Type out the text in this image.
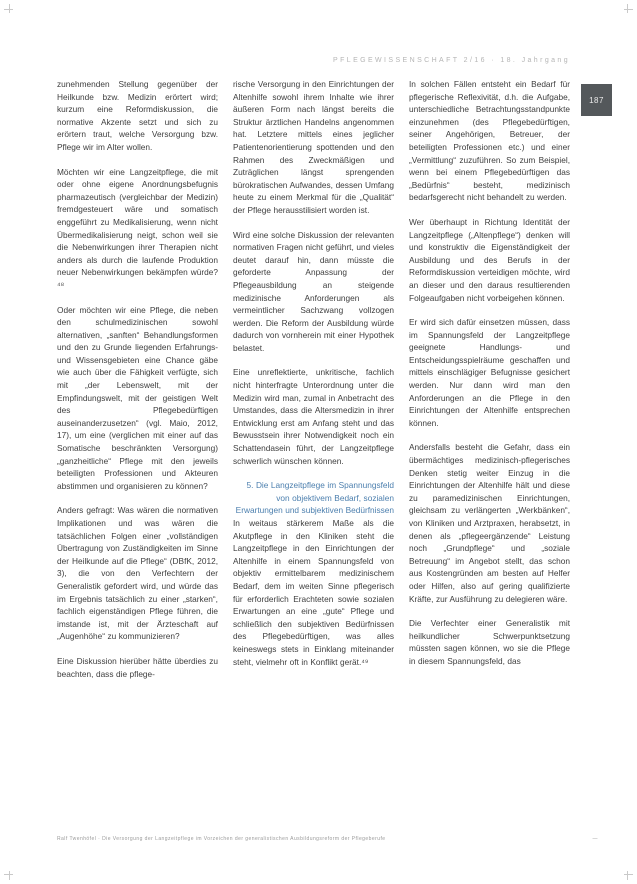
PFLEGEWISSENSCHAFT 2/16 · 18. Jahrgang
187

zunehmenden Stellung gegenüber der Heilkunde bzw. Medizin erörtert wird; kurzum eine Reformdiskussion, die normative Akzente setzt und sich zu erörtern traut, welche Versorgung bzw. Pflege wir im Alter wollen.

Möchten wir eine Langzeitpflege, die mit oder ohne eigene Anordnungsbefugnis pharmazeutisch (vergleichbar der Medizin) fremdgesteuert wäre und somatisch enggeführt zu Medikalisierung, wenn nicht Übermedikalisierung neigt, schon weil sie die Nebenwirkungen ihrer Therapien nicht anders als durch die laufende Produktion neuer Nebenwirkungen bekämpfen würde?⁴⁸

Oder möchten wir eine Pflege, die neben den schulmedizinischen sowohl alternativen, „sanften“ Behandlungsformen und den zu Grunde liegenden Erfahrungs- und Wissensgebieten eine Chance gäbe wie auch über die Fähigkeit verfügte, sich mit „der Lebenswelt, mit der Empfindungswelt, mit der geistigen Welt des Pflegebedürftigen auseinanderzusetzen“ (vgl. Maio, 2012, 17), um eine (verglichen mit einer auf das Somatische beschränkten Versorgung) „ganzheitliche“ Pflege mit den jeweils beteiligten Professionen und Akteuren abstimmen und organisieren zu können?

Anders gefragt: Was wären die normativen Implikationen und was wären die tatsächlichen Folgen einer „vollständigen Übertragung von Zuständigkeiten im Sinne der Heilkunde auf die Pflege“ (DBfK, 2012, 3), die von den Verfechtern der Generalistik gefordert wird, und würde das im Ergebnis tatsächlich zu einer „starken“, fachlich eigenständigen Pflege führen, die imstande ist, mit der Ärzteschaft auf „Augenhöhe“ zu kommunizieren?

Eine Diskussion hierüber hätte überdies zu beachten, dass die pflege-

rische Versorgung in den Einrichtungen der Altenhilfe sowohl ihrem Inhalte wie ihrer äußeren Form nach längst bereits die Struktur ärztlichen Handelns angenommen hat. Letztere mittels eines jeglicher Patientenorientierung spottenden und den Rahmen des Zweckmäßigen und Zuträglichen längst sprengenden bürokratischen Aufwandes, dessen Umfang heute zu einem Merkmal für die „Qualität“ der Pflege herausstilisiert worden ist.

Wird eine solche Diskussion der relevanten normativen Fragen nicht geführt, und vieles deutet darauf hin, dann müsste die geforderte Anpassung der Pflegeausbildung an steigende medizinische Anforderungen als vermeintlicher Sachzwang vollzogen werden. Die Reform der Ausbildung würde dadurch von vornherein mit einer Hypothek belastet.

Eine unreflektierte, unkritische, fachlich nicht hinterfragte Unterordnung unter die Medizin wird man, zumal in Anbetracht des Umstandes, dass die Altersmedizin in ihrer Entwicklung erst am Anfang steht und das Bewusstsein ihrer Notwendigkeit noch ein Schattendasein führt, der Langzeitpflege schwerlich wünschen können.

5. Die Langzeitpflege im Spannungsfeld von objektivem Bedarf, sozialen Erwartungen und subjektiven Bedürfnissen

In weitaus stärkerem Maße als die Akutpflege in den Kliniken steht die Langzeitpflege in den Einrichtungen der Altenhilfe in einem Spannungsfeld von objektiv ermittelbarem medizinischem Bedarf, dem im weiten Sinne pflegerisch für erforderlich Erachteten sowie sozialen Erwartungen an eine „gute“ Pflege und schließlich den subjektiven Bedürfnissen des Pflegebedürftigen, was alles keineswegs stets in Einklang miteinander steht, vielmehr oft in Konflikt gerät.⁴⁹

In solchen Fällen entsteht ein Bedarf für pflegerische Reflexivität, d.h. die Aufgabe, unterschiedliche Betrachtungsstandpunkte einzunehmen (des Pflegebedürftigen, seiner Angehörigen, Betreuer, der beteiligten Professionen etc.) und einer „Vermittlung“ zuzuführen. So zum Beispiel, wenn bei einem Pflegebedürftigen das „Bedürfnis“ besteht, medizinisch bedarfsgerecht nicht behandelt zu werden.

Wer überhaupt in Richtung Identität der Langzeitpflege („Altenpflege“) denken will und konstruktiv die Eigenständigkeit der Ausbildung und des Berufs in der Reformdiskussion verteidigen möchte, wird an dieser und den daraus resultierenden Folgeaufgaben nicht vorbeigehen können.

Er wird sich dafür einsetzen müssen, dass im Spannungsfeld der Langzeitpflege geeignete Handlungs- und Entscheidungsspielräume geschaffen und mittels einschlägiger Befugnisse gesichert werden. Nur dann wird man den Anforderungen an die Pflege in den Einrichtungen der Altenhilfe entsprechen können.

Andersfalls besteht die Gefahr, dass ein übermächtiges medizinisch-pflegerisches Denken stetig weiter Einzug in die Einrichtungen der Altenhilfe hält und diese zu paramedizinischen Einrichtungen, gleichsam zu verlängerten „Werkbänken“, von Kliniken und Arztpraxen, herabsetzt, in denen als „pflegeergänzende“ Leistung noch „Grundpflege“ und „soziale Betreuung“ im Angebot stellt, das schon aus Kostengründen am besten auf Helfer oder Hilfen, also auf gering qualifizierte Kräfte, zur Ausführung zu delegieren wäre.

Die Verfechter einer Generalistik mit heilkundlicher Schwerpunktsetzung müssten sagen können, wo sie die Pflege in diesem Spannungsfeld, das

Ralf Twenhöfel · Die Versorgung der Langzeitpflege im Vorzeichen der generalistischen Ausbildungsreform der Pflegeberufe	—
